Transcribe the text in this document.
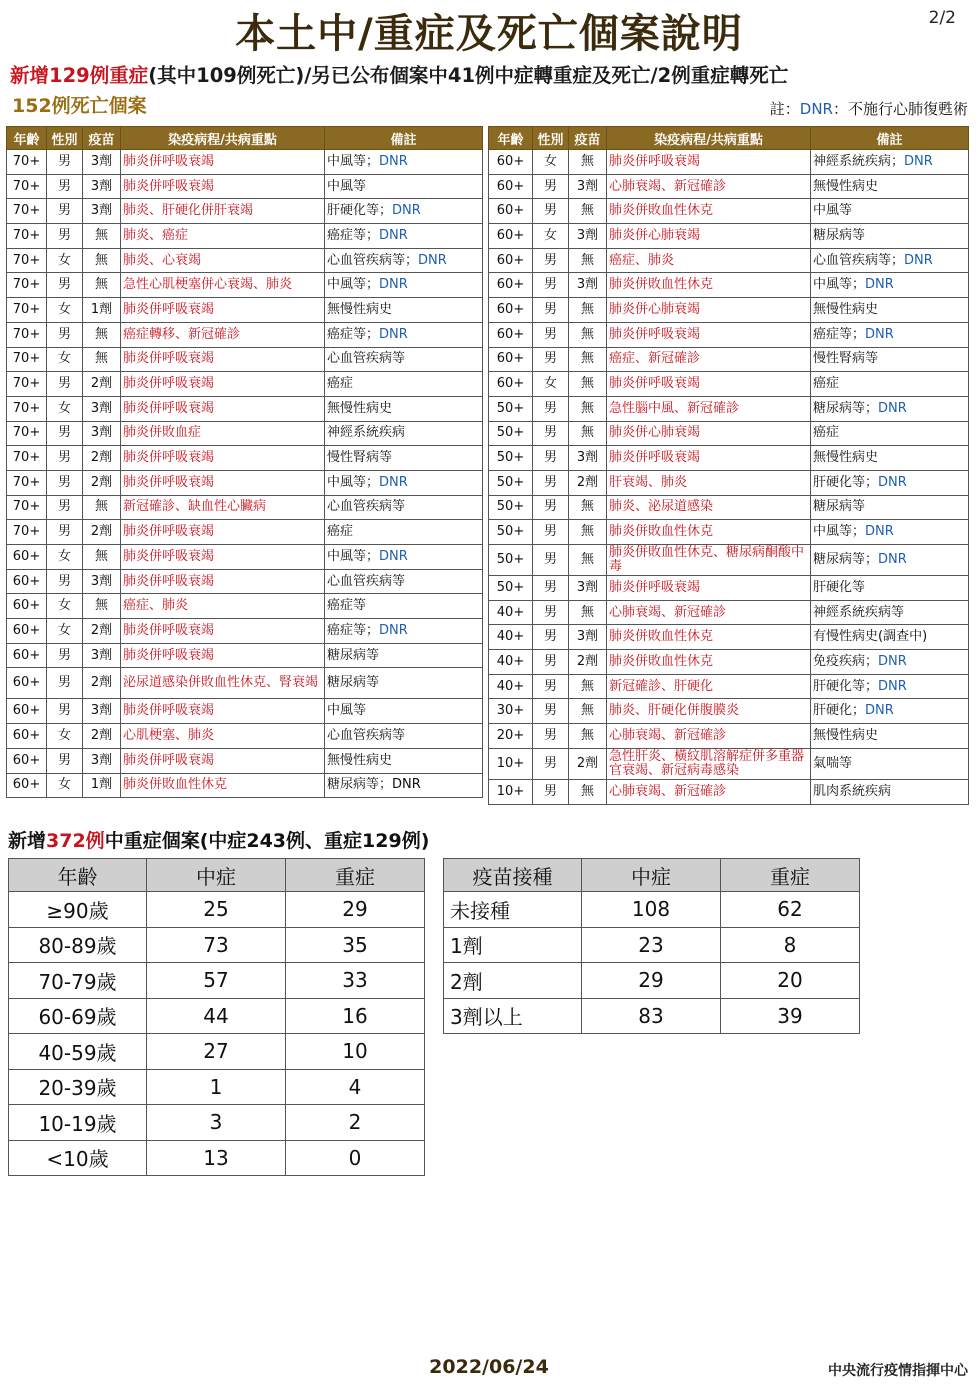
本土中/重症及死亡個案說明	2/2
新增129例重症(其中109例死亡)/另已公布個案中41例中症轉重症及死亡/2例重症轉死亡
152例死亡個案	註：DNR：不施行心肺復甦術
年齡	性別	疫苗	染疫病程/共病重點	備註
70+	男	3劑	肺炎併呼吸衰竭	中風等；DNR
70+	男	3劑	肺炎併呼吸衰竭	中風等
70+	男	3劑	肺炎、肝硬化併肝衰竭	肝硬化等；DNR
70+	男	無	肺炎、癌症	癌症等；DNR
70+	女	無	肺炎、心衰竭	心血管疾病等；DNR
70+	男	無	急性心肌梗塞併心衰竭、肺炎	中風等；DNR
70+	女	1劑	肺炎併呼吸衰竭	無慢性病史
70+	男	無	癌症轉移、新冠確診	癌症等；DNR
70+	女	無	肺炎併呼吸衰竭	心血管疾病等
70+	男	2劑	肺炎併呼吸衰竭	癌症
70+	女	3劑	肺炎併呼吸衰竭	無慢性病史
70+	男	3劑	肺炎併敗血症	神經系統疾病
70+	男	2劑	肺炎併呼吸衰竭	慢性腎病等
70+	男	2劑	肺炎併呼吸衰竭	中風等；DNR
70+	男	無	新冠確診、缺血性心臟病	心血管疾病等
70+	男	2劑	肺炎併呼吸衰竭	癌症
60+	女	無	肺炎併呼吸衰竭	中風等；DNR
60+	男	3劑	肺炎併呼吸衰竭	心血管疾病等
60+	女	無	癌症、肺炎	癌症等
60+	女	2劑	肺炎併呼吸衰竭	癌症等；DNR
60+	男	3劑	肺炎併呼吸衰竭	糖尿病等
60+	男	2劑	泌尿道感染併敗血性休克、腎衰竭	糖尿病等
60+	男	3劑	肺炎併呼吸衰竭	中風等
60+	女	2劑	心肌梗塞、肺炎	心血管疾病等
60+	男	3劑	肺炎併呼吸衰竭	無慢性病史
60+	女	1劑	肺炎併敗血性休克	糖尿病等；DNR
年齡	性別	疫苗	染疫病程/共病重點	備註
60+	女	無	肺炎併呼吸衰竭	神經系統疾病；DNR
60+	男	3劑	心肺衰竭、新冠確診	無慢性病史
60+	男	無	肺炎併敗血性休克	中風等
60+	女	3劑	肺炎併心肺衰竭	糖尿病等
60+	男	無	癌症、肺炎	心血管疾病等；DNR
60+	男	3劑	肺炎併敗血性休克	中風等；DNR
60+	男	無	肺炎併心肺衰竭	無慢性病史
60+	男	無	肺炎併呼吸衰竭	癌症等；DNR
60+	男	無	癌症、新冠確診	慢性腎病等
60+	女	無	肺炎併呼吸衰竭	癌症
50+	男	無	急性腦中風、新冠確診	糖尿病等；DNR
50+	男	無	肺炎併心肺衰竭	癌症
50+	男	3劑	肺炎併呼吸衰竭	無慢性病史
50+	男	2劑	肝衰竭、肺炎	肝硬化等；DNR
50+	男	無	肺炎、泌尿道感染	糖尿病等
50+	男	無	肺炎併敗血性休克	中風等；DNR
50+	男	無	肺炎併敗血性休克、糖尿病酮酸中毒	糖尿病等；DNR
50+	男	3劑	肺炎併呼吸衰竭	肝硬化等
40+	男	無	心肺衰竭、新冠確診	神經系統疾病等
40+	男	3劑	肺炎併敗血性休克	有慢性病史(調查中)
40+	男	2劑	肺炎併敗血性休克	免疫疾病；DNR
40+	男	無	新冠確診、肝硬化	肝硬化等；DNR
30+	男	無	肺炎、肝硬化併腹膜炎	肝硬化；DNR
20+	男	無	心肺衰竭、新冠確診	無慢性病史
10+	男	2劑	急性肝炎、橫紋肌溶解症併多重器官衰竭、新冠病毒感染	氣喘等
10+	男	無	心肺衰竭、新冠確診	肌肉系統疾病
新增372例中重症個案(中症243例、重症129例)
年齡	中症	重症
≥90歲	25	29
80-89歲	73	35
70-79歲	57	33
60-69歲	44	16
40-59歲	27	10
20-39歲	1	4
10-19歲	3	2
<10歲	13	0
疫苗接種	中症	重症
未接種	108	62
1劑	23	8
2劑	29	20
3劑以上	83	39
2022/06/24	中央流行疫情指揮中心
